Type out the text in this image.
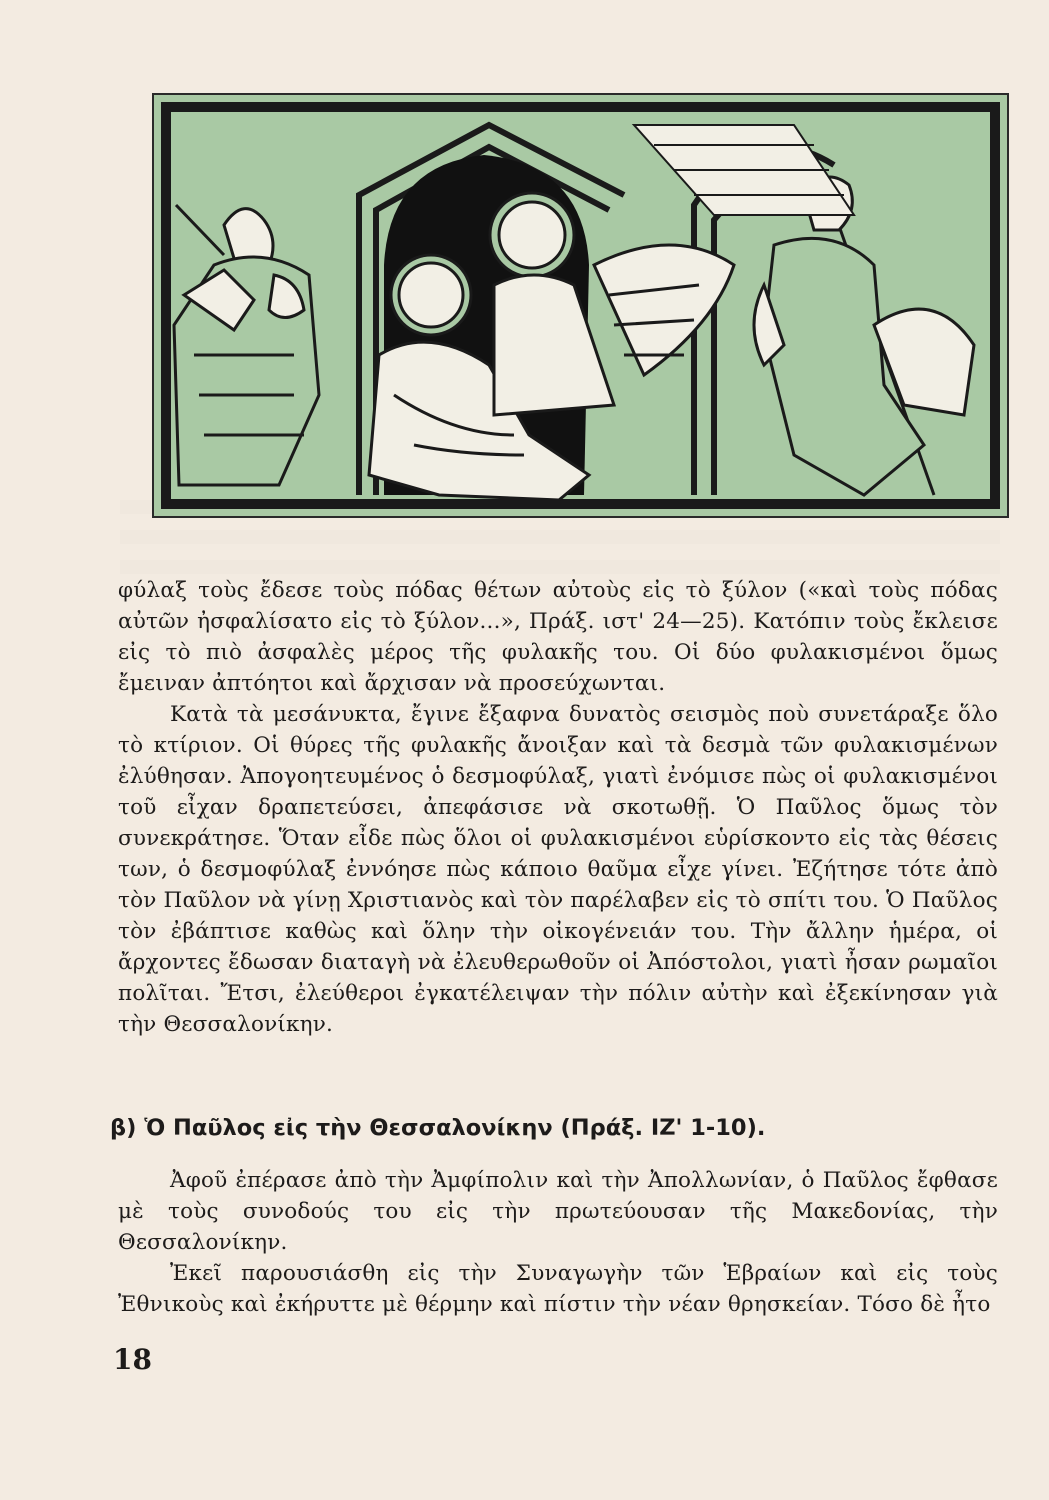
φύλαξ τοὺς ἔδεσε τοὺς πόδας θέτων αὐτοὺς εἰς τὸ ξύλον («καὶ τοὺς πόδας αὐτῶν ἠσφαλίσατο εἰς τὸ ξύλον...», Πράξ. ιστ' 24—25). Κατόπιν τοὺς ἔκλεισε εἰς τὸ πιὸ ἀσφαλὲς μέρος τῆς φυλακῆς του. Οἱ δύο φυλακισμένοι ὅμως ἔμειναν ἀπτόητοι καὶ ἄρχισαν νὰ προσεύχωνται.

Κατὰ τὰ μεσάνυκτα, ἔγινε ἔξαφνα δυνατὸς σεισμὸς ποὺ συνετάραξε ὅλο τὸ κτίριον. Οἱ θύρες τῆς φυλακῆς ἄνοιξαν καὶ τὰ δεσμὰ τῶν φυλακισμένων ἐλύθησαν. Ἀπογοητευμένος ὁ δεσμοφύλαξ, γιατὶ ἐνόμισε πὼς οἱ φυλακισμένοι τοῦ εἶχαν δραπετεύσει, ἀπεφάσισε νὰ σκοτωθῇ. Ὁ Παῦλος ὅμως τὸν συνεκράτησε. Ὅταν εἶδε πὼς ὅλοι οἱ φυλακισμένοι εὑρίσκοντο εἰς τὰς θέσεις των, ὁ δεσμοφύλαξ ἐννόησε πὼς κάποιο θαῦμα εἶχε γίνει. Ἐζήτησε τότε ἀπὸ τὸν Παῦλον νὰ γίνῃ Χριστιανὸς καὶ τὸν παρέλαβεν εἰς τὸ σπίτι του. Ὁ Παῦλος τὸν ἐβάπτισε καθὼς καὶ ὅλην τὴν οἰκογένειάν του. Τὴν ἄλλην ἡμέρα, οἱ ἄρχοντες ἔδωσαν διαταγὴ νὰ ἐλευθερωθοῦν οἱ Ἀπόστολοι, γιατὶ ἦσαν ρωμαῖοι πολῖται. Ἔτσι, ἐλεύθεροι ἐγκατέλειψαν τὴν πόλιν αὐτὴν καὶ ἐξεκίνησαν γιὰ τὴν Θεσσαλονίκην.

β) Ὁ Παῦλος εἰς τὴν Θεσσαλονίκην (Πράξ. ΙΖ' 1-10).

Ἀφοῦ ἐπέρασε ἀπὸ τὴν Ἀμφίπολιν καὶ τὴν Ἀπολλωνίαν, ὁ Παῦλος ἔφθασε μὲ τοὺς συνοδούς του εἰς τὴν πρωτεύουσαν τῆς Μακεδονίας, τὴν Θεσσαλονίκην.

Ἐκεῖ παρουσιάσθη εἰς τὴν Συναγωγὴν τῶν Ἑβραίων καὶ εἰς τοὺς Ἐθνικοὺς καὶ ἐκήρυττε μὲ θέρμην καὶ πίστιν τὴν νέαν θρησκείαν. Τόσο δὲ ἦτο

18
